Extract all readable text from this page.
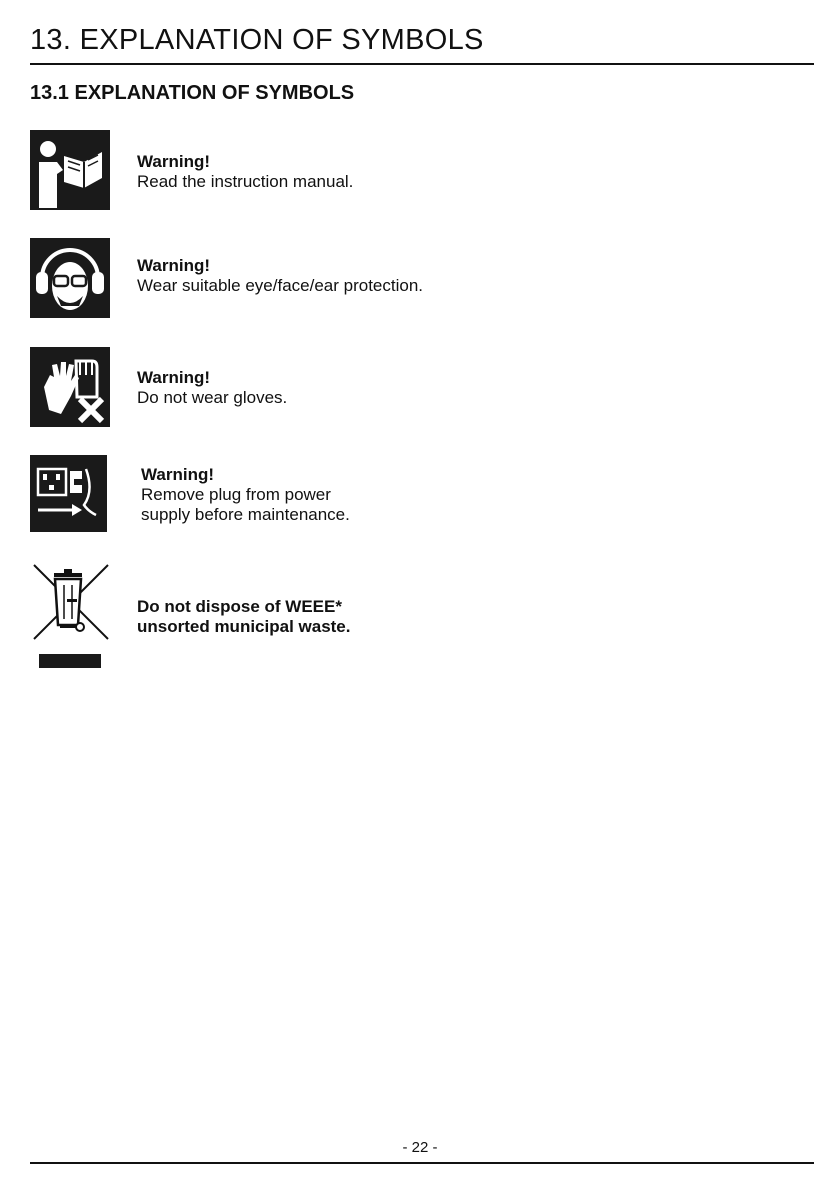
13. EXPLANATION OF SYMBOLS
13.1 EXPLANATION OF SYMBOLS
Warning!
Read the instruction manual.
Warning!
Wear suitable eye/face/ear protection.
Warning!
Do not wear gloves.
Warning!
Remove plug from power
supply before maintenance.
Do not dispose of WEEE*
unsorted municipal waste.
- 22 -
